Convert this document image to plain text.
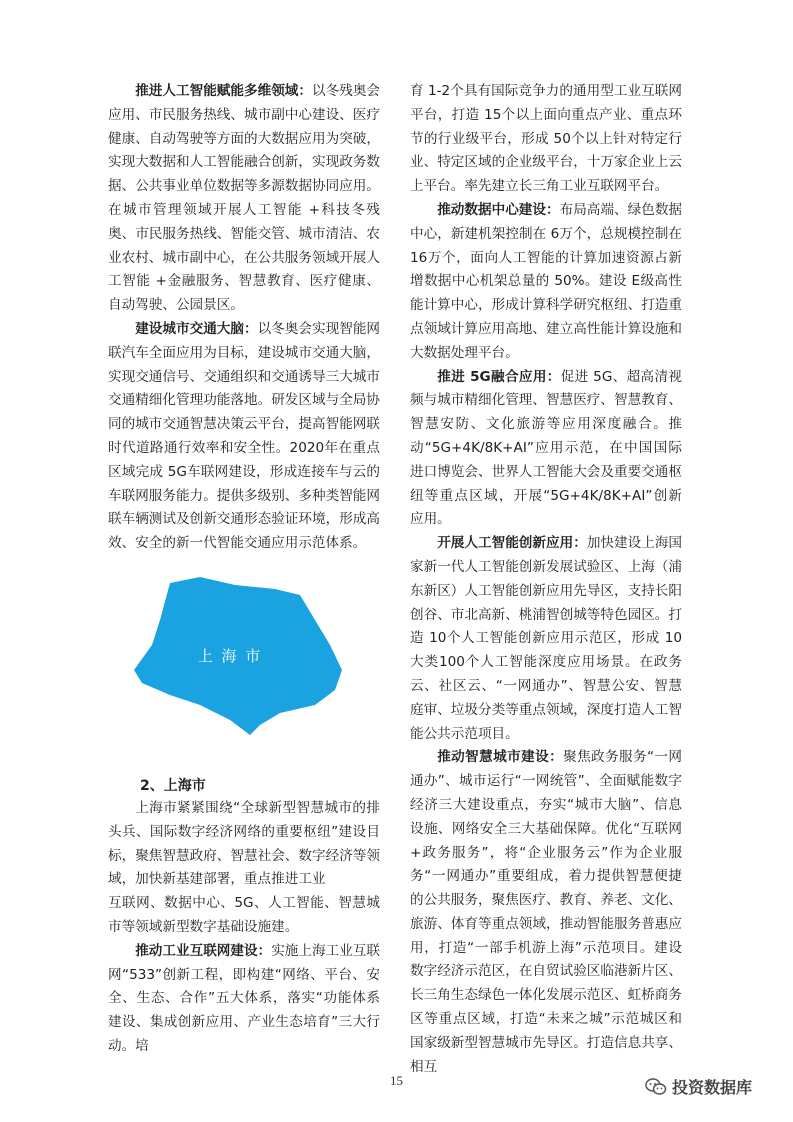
推进人工智能赋能多维领域：以冬残奥会应用、市民服务热线、城市副中心建设、医疗健康、自动驾驶等方面的大数据应用为突破，实现大数据和人工智能融合创新，实现政务数据、公共事业单位数据等多源数据协同应用。在城市管理领域开展人工智能 +科技冬残奥、市民服务热线、智能交管、城市清洁、农业农村、城市副中心，在公共服务领域开展人工智能 +金融服务、智慧教育、医疗健康、自动驾驶、公园景区。

建设城市交通大脑：以冬奥会实现智能网联汽车全面应用为目标，建设城市交通大脑，实现交通信号、交通组织和交通诱导三大城市交通精细化管理功能落地。研发区域与全局协同的城市交通智慧决策云平台，提高智能网联时代道路通行效率和安全性。2020年在重点区域完成 5G车联网建设，形成连接车与云的车联网服务能力。提供多级别、多种类智能网联车辆测试及创新交通形态验证环境，形成高效、安全的新一代智能交通应用示范体系。

上 海 市
2、上海市

上海市紧紧围绕“全球新型智慧城市的排头兵、国际数字经济网络的重要枢纽”建设目标，聚焦智慧政府、智慧社会、数字经济等领域，加快新基建部署，重点推进工业

互联网、数据中心、5G、人工智能、智慧城市等领域新型数字基础设施建。

推动工业互联网建设：实施上海工业互联网“533”创新工程，即构建“网络、平台、安全、生态、合作”五大体系，落实“功能体系建设、集成创新应用、产业生态培育”三大行动。培

育 1-2个具有国际竞争力的通用型工业互联网平台，打造 15个以上面向重点产业、重点环节的行业级平台，形成 50个以上针对特定行业、特定区域的企业级平台，十万家企业上云上平台。率先建立长三角工业互联网平台。

推动数据中心建设：布局高端、绿色数据中心，新建机架控制在 6万个，总规模控制在16万个，面向人工智能的计算加速资源占新增数据中心机架总量的 50%。建设 E级高性能计算中心，形成计算科学研究枢纽、打造重点领域计算应用高地、建立高性能计算设施和大数据处理平台。

推进 5G融合应用：促进 5G、超高清视频与城市精细化管理、智慧医疗、智慧教育、智慧安防、文化旅游等应用深度融合。推动“5G+4K/8K+AI”应用示范，在中国国际进口博览会、世界人工智能大会及重要交通枢纽等重点区域，开展“5G+4K/8K+AI”创新应用。

开展人工智能创新应用：加快建设上海国家新一代人工智能创新发展试验区、上海（浦东新区）人工智能创新应用先导区，支持长阳创谷、市北高新、桃浦智创城等特色园区。打造 10个人工智能创新应用示范区，形成 10大类100个人工智能深度应用场景。在政务云、社区云、“一网通办”、智慧公安、智慧庭审、垃圾分类等重点领域，深度打造人工智能公共示范项目。

推动智慧城市建设：聚焦政务服务“一网通办”、城市运行“一网统管”、全面赋能数字经济三大建设重点，夯实“城市大脑”、信息设施、网络安全三大基础保障。优化“互联网 +政务服务”，将“企业服务云”作为企业服务“一网通办”重要组成，着力提供智慧便捷的公共服务，聚焦医疗、教育、养老、文化、旅游、体育等重点领域，推动智能服务普惠应用，打造“一部手机游上海”示范项目。建设数字经济示范区，在自贸试验区临港新片区、长三角生态绿色一体化发展示范区、虹桥商务区等重点区域，打造“未来之城”示范城区和国家级新型智慧城市先导区。打造信息共享、相互

15	投资数据库
